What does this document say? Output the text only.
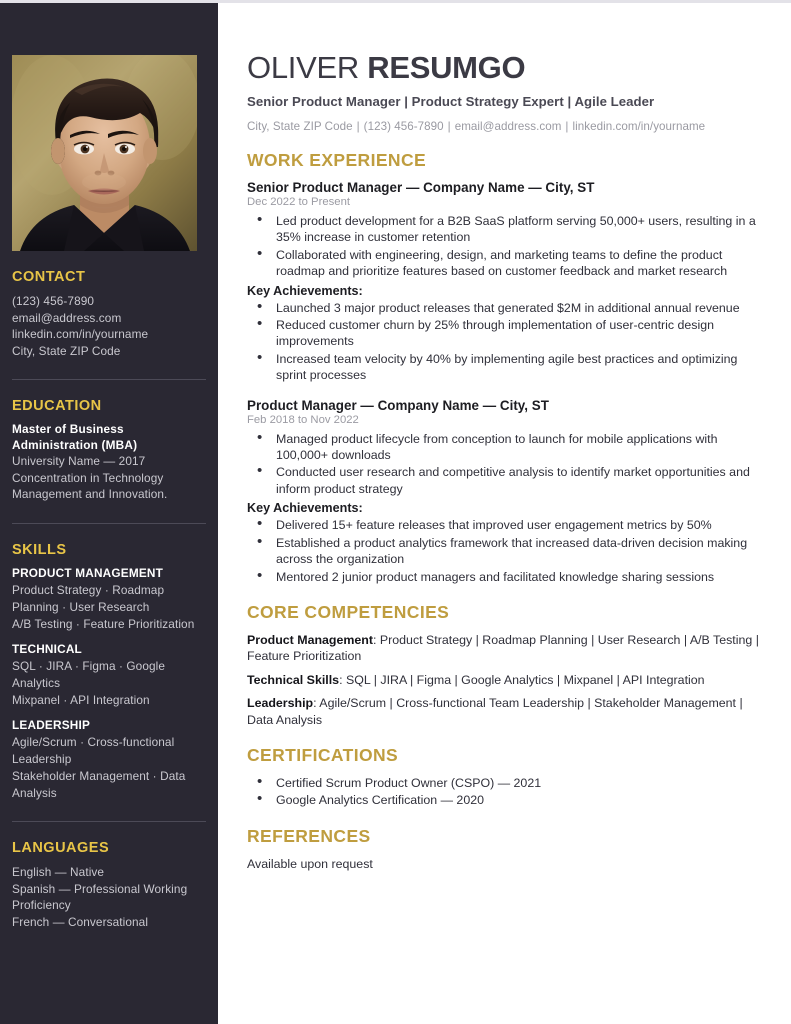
CONTACT
(123) 456-7890
email@address.com
linkedin.com/in/yourname
City, State ZIP Code
EDUCATION
Master of Business Administration (MBA)
University Name — 2017
Concentration in Technology Management and Innovation.
SKILLS
PRODUCT MANAGEMENT
Product Strategy · Roadmap Planning · User Research
A/B Testing · Feature Prioritization
TECHNICAL
SQL · JIRA · Figma · Google Analytics
Mixpanel · API Integration
LEADERSHIP
Agile/Scrum · Cross-functional Leadership
Stakeholder Management · Data Analysis
LANGUAGES
English — Native
Spanish — Professional Working Proficiency
French — Conversational
OLIVER RESUMGO
Senior Product Manager | Product Strategy Expert | Agile Leader
City, State ZIP Code | (123) 456-7890 | email@address.com | linkedin.com/in/yourname
WORK EXPERIENCE
Senior Product Manager — Company Name — City, ST
Dec 2022 to Present
• Led product development for a B2B SaaS platform serving 50,000+ users, resulting in a 35% increase in customer retention
• Collaborated with engineering, design, and marketing teams to define the product roadmap and prioritize features based on customer feedback and market research
Key Achievements:
• Launched 3 major product releases that generated $2M in additional annual revenue
• Reduced customer churn by 25% through implementation of user-centric design improvements
• Increased team velocity by 40% by implementing agile best practices and optimizing sprint processes
Product Manager — Company Name — City, ST
Feb 2018 to Nov 2022
• Managed product lifecycle from conception to launch for mobile applications with 100,000+ downloads
• Conducted user research and competitive analysis to identify market opportunities and inform product strategy
Key Achievements:
• Delivered 15+ feature releases that improved user engagement metrics by 50%
• Established a product analytics framework that increased data-driven decision making across the organization
• Mentored 2 junior product managers and facilitated knowledge sharing sessions
CORE COMPETENCIES
Product Management: Product Strategy | Roadmap Planning | User Research | A/B Testing | Feature Prioritization
Technical Skills: SQL | JIRA | Figma | Google Analytics | Mixpanel | API Integration
Leadership: Agile/Scrum | Cross-functional Team Leadership | Stakeholder Management | Data Analysis
CERTIFICATIONS
• Certified Scrum Product Owner (CSPO) — 2021
• Google Analytics Certification — 2020
REFERENCES
Available upon request
